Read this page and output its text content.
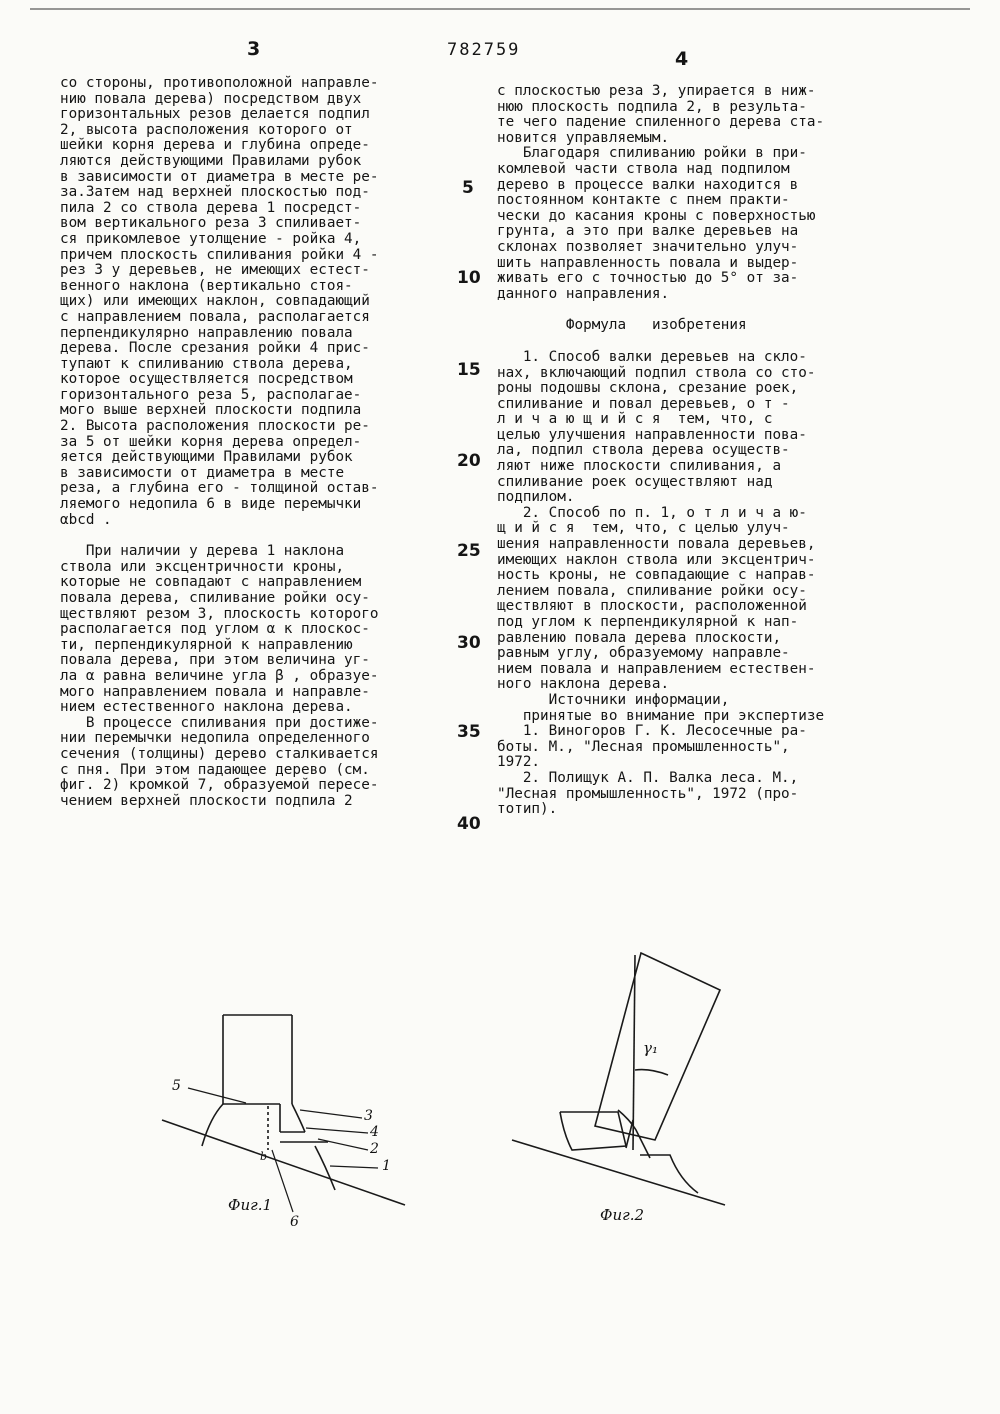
3	782759	4

со стороны, противоположной направле-

нию повала дерева) посредством двух

горизонтальных резов делается подпил

2, высота расположения которого от

шейки корня дерева и глубина опреде-

ляются действующими Правилами рубок

в зависимости от диаметра в месте ре-

за.Затем над верхней плоскостью под-

пила 2 со ствола дерева 1 посредст-

вом вертикального реза 3 спиливает-

ся прикомлевое утолщение - ройка 4,

причем плоскость спиливания ройки 4 -

рез 3 у деревьев, не имеющих естест-

венного наклона (вертикально стоя-

щих) или имеющих наклон, совпадающий

с направлением повала, располагается

перпендикулярно направлению повала

дерева. После срезания ройки 4 прис-

тупают к спиливанию ствола дерева,

которое осуществляется посредством

горизонтального реза 5, располагае-

мого выше верхней плоскости подпила

2. Высота расположения плоскости ре-

за 5 от шейки корня дерева определ-

яется действующими Правилами рубок

в зависимости от диаметра в месте

реза, а глубина его - толщиной остав-

ляемого недопила 6 в виде перемычки

αbcd .

При наличии у дерева 1 наклона

ствола или эксцентричности кроны,

которые не совпадают с направлением

повала дерева, спиливание ройки осу-

ществляют резом 3, плоскость которого

располагается под углом α к плоскос-

ти, перпендикулярной к направлению

повала дерева, при этом величина уг-

ла α равна величине угла β , образуе-

мого направлением повала и направле-

нием естественного наклона дерева.

В процессе спиливания при достиже-

нии перемычки недопила определенного

сечения (толщины) дерево сталкивается

с пня. При этом падающее дерево (см.

фиг. 2) кромкой 7, образуемой пересе-

чением верхней плоскости подпила 2

с плоскостью реза 3, упирается в ниж-

нюю плоскость подпила 2, в результа-

те чего падение спиленного дерева ста-

новится управляемым.

Благодаря спиливанию ройки в при-

комлевой части ствола над подпилом

дерево в процессе валки находится в

постоянном контакте с пнем практи-

чески до касания кроны с поверхностью

грунта, а это при валке деревьев на

склонах позволяет значительно улуч-

шить направленность повала и выдер-

живать его с точностью до 5° от за-

данного направления.

Формула   изобретения

1. Способ валки деревьев на скло-

нах, включающий подпил ствола со сто-

роны подошвы склона, срезание роек,

спиливание и повал деревьев, о т -

л и ч а ю щ и й с я  тем, что, с

целью улучшения направленности пова-

ла, подпил ствола дерева осуществ-

ляют ниже плоскости спиливания, а

спиливание роек осуществляют над

подпилом.

2. Способ по п. 1, о т л и ч а ю-

щ и й с я  тем, что, с целью улуч-

шения направленности повала деревьев,

имеющих наклон ствола или эксцентрич-

ность кроны, не совпадающие с направ-

лением повала, спиливание ройки осу-

ществляют в плоскости, расположенной

под углом к перпендикулярной к нап-

равлению повала дерева плоскости,

равным углу, образуемому направле-

нием повала и направлением естествен-

ного наклона дерева.

Источники информации,

принятые во внимание при экспертизе

1. Виногоров Г. К. Лесосечные ра-

боты. М., "Лесная промышленность",

1972.

2. Полищук А. П. Валка леса. М.,

"Лесная промышленность", 1972 (про-

тотип).

5
10
15
20
25
30
35
40
5
3
4
2
1
6
b
Фиг.1
γ₁
Фиг.2
